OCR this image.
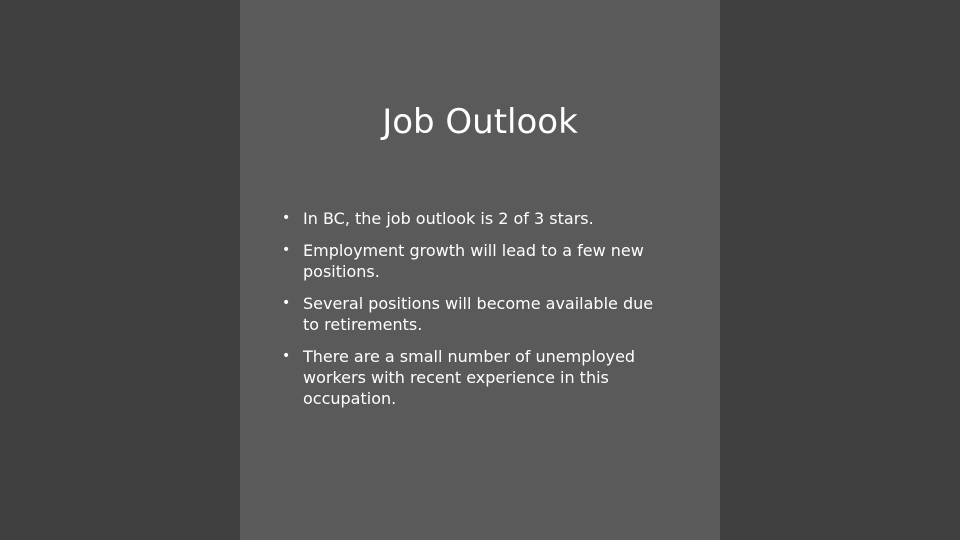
Job Outlook
• In BC, the job outlook is 2 of 3 stars.
• Employment growth will lead to a few new positions.
• Several positions will become available due to retirements.
• There are a small number of unemployed workers with recent experience in this occupation.
